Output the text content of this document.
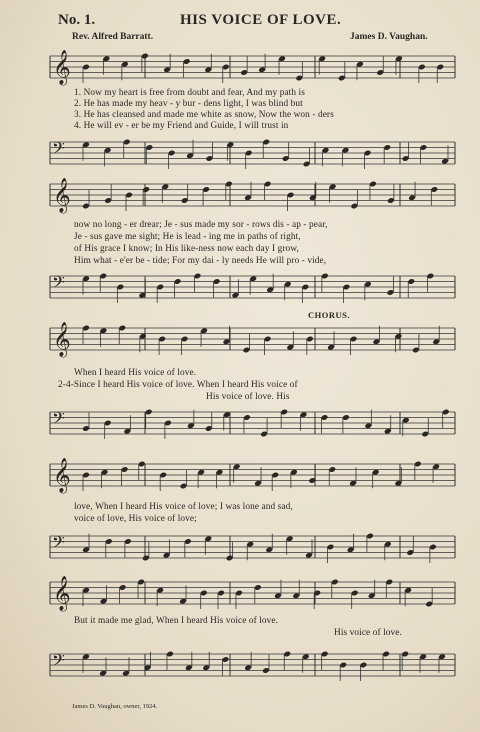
No. 1.	HIS VOICE OF LOVE.
Rev. Alfred Barratt.	James D. Vaughan.
𝄞
1. Now my heart is free from doubt and fear, And my path is
2. He has made my heav - y bur - dens light, I was blind but
3. He has cleansed and made me white as snow, Now the won - ders
4. He will ev - er be my Friend and Guide, I will trust in
𝄢
𝄞
now no long - er drear; Je - sus made my sor - rows dis - ap - pear,
Je - sus gave me sight; He is lead - ing me in paths of right,
of His grace I know; In His like-ness now each day I grow,
Him what - e'er be - tide; For my dai - ly needs He will pro - vide,
𝄢
CHORUS.
𝄞
When I heard His voice of love.
2-4-Since I heard His voice of love. When I heard His voice of
His voice of love. His
𝄢
𝄞
love, When I heard His voice of love; I was lone and sad,
voice of love, His voice of love;
𝄢
𝄞
But it made me glad, When I heard His voice of love.
His voice of love.
𝄢
James D. Vaughan, owner, 1924.
